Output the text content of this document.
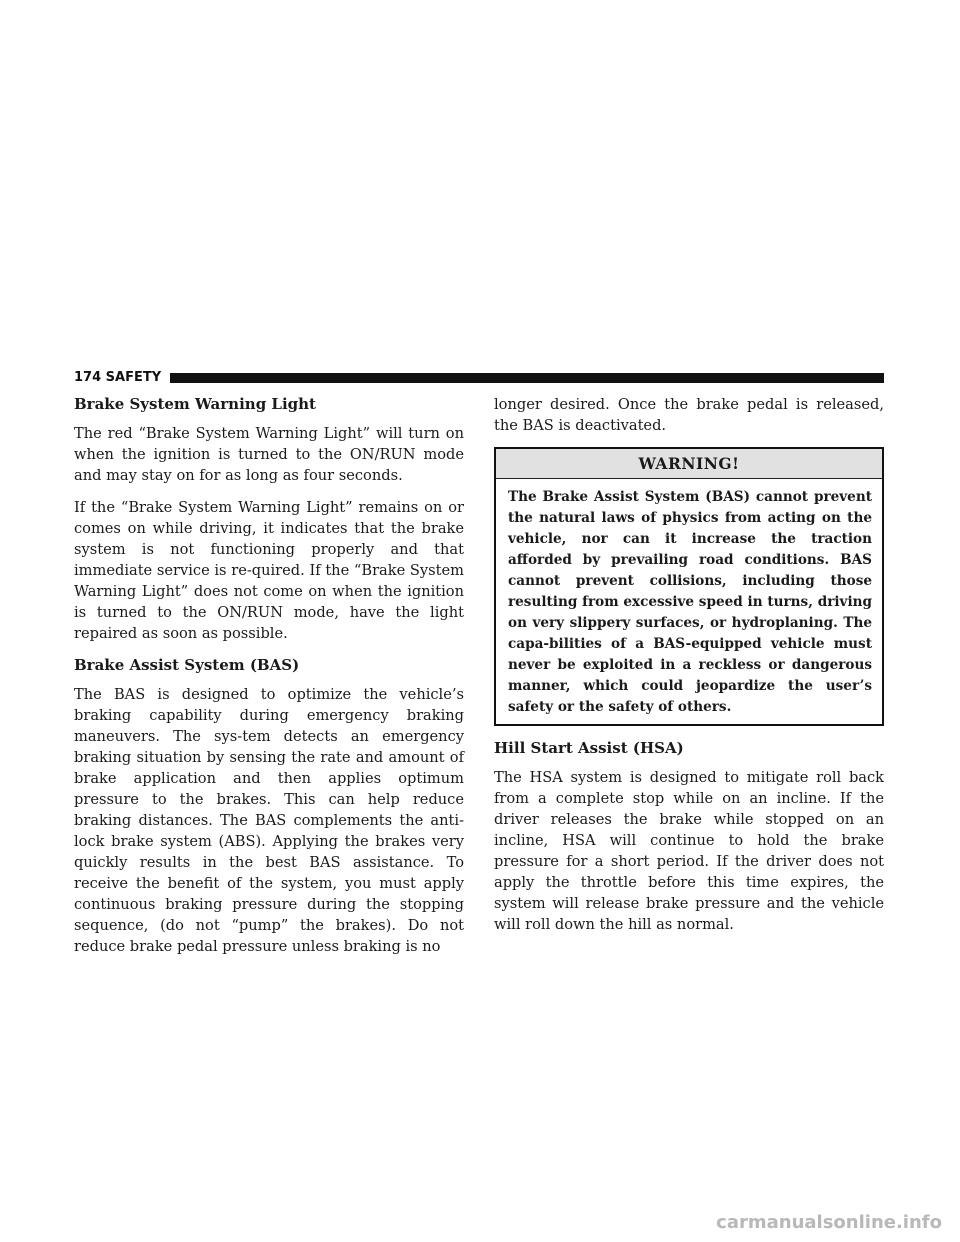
174 SAFETY
Brake System Warning Light

The red “Brake System Warning Light” will turn on when the ignition is turned to the ON/RUN mode and may stay on for as long as four seconds.

If the “Brake System Warning Light” remains on or comes on while driving, it indicates that the brake system is not functioning properly and that immediate service is re-quired. If the “Brake System Warning Light” does not come on when the ignition is turned to the ON/RUN mode, have the light repaired as soon as possible.

Brake Assist System (BAS)

The BAS is designed to optimize the vehicle’s braking capability during emergency braking maneuvers. The sys-tem detects an emergency braking situation by sensing the rate and amount of brake application and then applies optimum pressure to the brakes. This can help reduce braking distances. The BAS complements the anti-lock brake system (ABS). Applying the brakes very quickly results in the best BAS assistance. To receive the benefit of the system, you must apply continuous braking pressure during the stopping sequence, (do not “pump” the brakes). Do not reduce brake pedal pressure unless braking is no

longer desired. Once the brake pedal is released, the BAS is deactivated.

WARNING!
The Brake Assist System (BAS) cannot prevent the natural laws of physics from acting on the vehicle, nor can it increase the traction afforded by prevailing road conditions. BAS cannot prevent collisions, including those resulting from excessive speed in turns, driving on very slippery surfaces, or hydroplaning. The capa-bilities of a BAS-equipped vehicle must never be exploited in a reckless or dangerous manner, which could jeopardize the user’s safety or the safety of others.
Hill Start Assist (HSA)

The HSA system is designed to mitigate roll back from a complete stop while on an incline. If the driver releases the brake while stopped on an incline, HSA will continue to hold the brake pressure for a short period. If the driver does not apply the throttle before this time expires, the system will release brake pressure and the vehicle will roll down the hill as normal.

carmanualsonline.info
